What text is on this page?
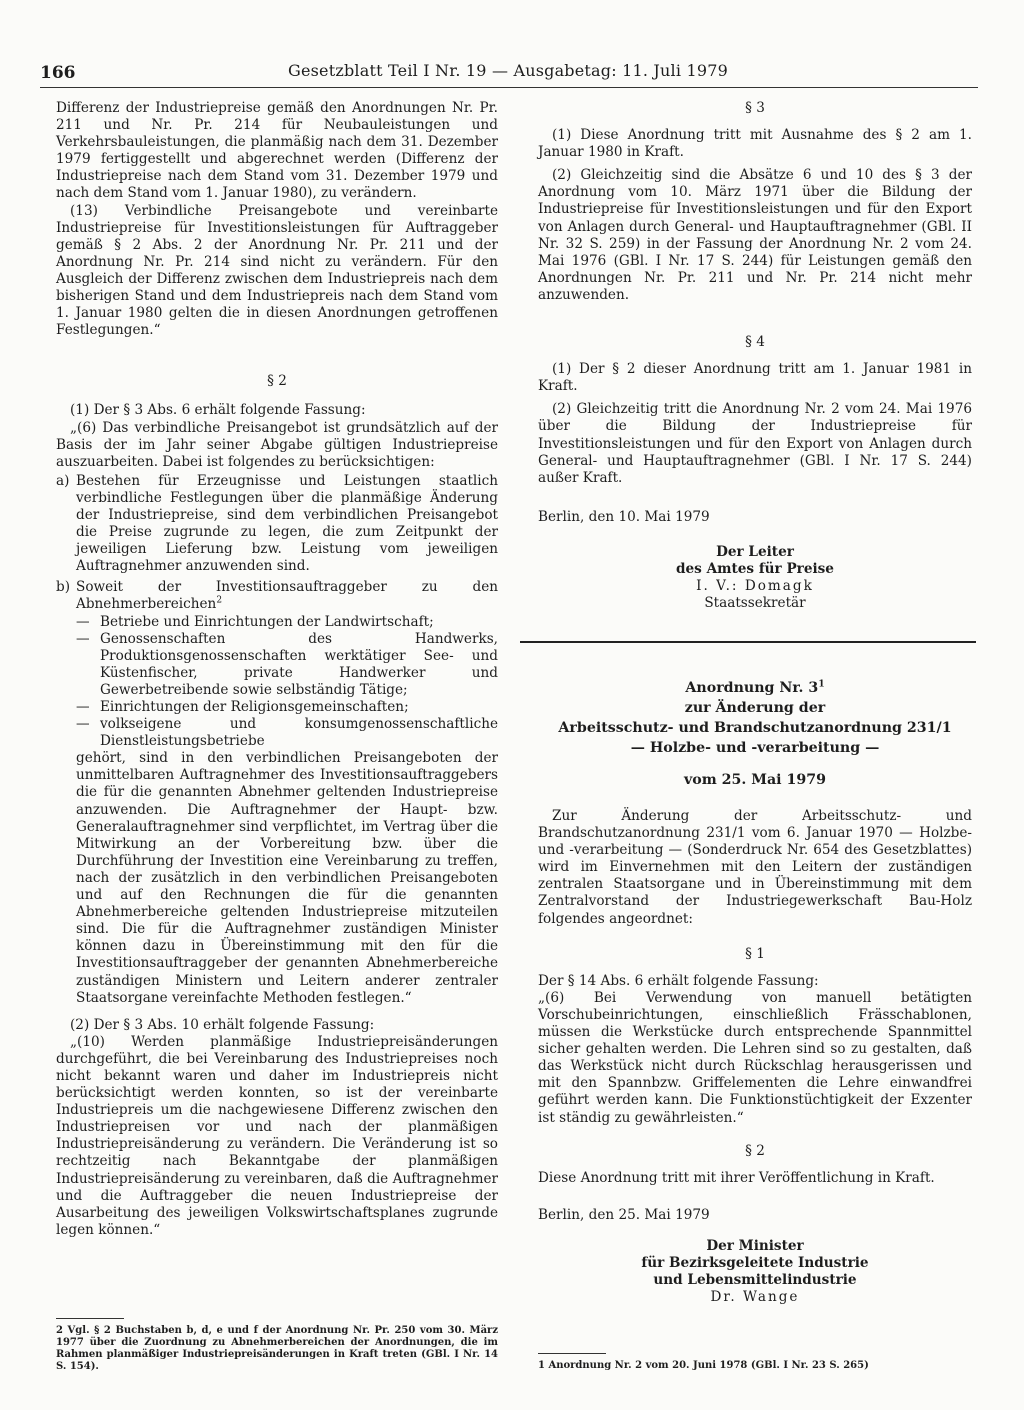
166	Gesetzblatt Teil I Nr. 19 — Ausgabetag: 11. Juli 1979

Differenz der Industriepreise gemäß den Anordnungen Nr. Pr. 211 und Nr. Pr. 214 für Neubauleistungen und Verkehrsbauleistungen, die planmäßig nach dem 31. Dezember 1979 fertiggestellt und abgerechnet werden (Differenz der Industriepreise nach dem Stand vom 31. Dezember 1979 und nach dem Stand vom 1. Januar 1980), zu verändern.

(13) Verbindliche Preisangebote und vereinbarte Industriepreise für Investitionsleistungen für Auftraggeber gemäß § 2 Abs. 2 der Anordnung Nr. Pr. 211 und der Anordnung Nr. Pr. 214 sind nicht zu verändern. Für den Ausgleich der Differenz zwischen dem Industriepreis nach dem bisherigen Stand und dem Industriepreis nach dem Stand vom 1. Januar 1980 gelten die in diesen Anordnungen getroffenen Festlegungen.“

§ 2

(1) Der § 3 Abs. 6 erhält folgende Fassung:

„(6) Das verbindliche Preisangebot ist grundsätzlich auf der Basis der im Jahr seiner Abgabe gültigen Industriepreise auszuarbeiten. Dabei ist folgendes zu berücksichtigen:

a) Bestehen für Erzeugnisse und Leistungen staatlich verbindliche Festlegungen über die planmäßige Änderung der Industriepreise, sind dem verbindlichen Preisangebot die Preise zugrunde zu legen, die zum Zeitpunkt der jeweiligen Lieferung bzw. Leistung vom jeweiligen Auftragnehmer anzuwenden sind.
b) Soweit der Investitionsauftraggeber zu den Abnehmerbereichen$^2$
— Betriebe und Einrichtungen der Landwirtschaft;
— Genossenschaften des Handwerks, Produktionsgenossenschaften werktätiger See- und Küstenfischer, private Handwerker und Gewerbetreibende sowie selbständig Tätige;
— Einrichtungen der Religionsgemeinschaften;
— volkseigene und konsumgenossenschaftliche Dienstleistungsbetriebe

gehört, sind in den verbindlichen Preisangeboten der unmittelbaren Auftragnehmer des Investitionsauftraggebers die für die genannten Abnehmer geltenden Industriepreise anzuwenden. Die Auftragnehmer der Haupt- bzw. Generalauftragnehmer sind verpflichtet, im Vertrag über die Mitwirkung an der Vorbereitung bzw. über die Durchführung der Investition eine Vereinbarung zu treffen, nach der zusätzlich in den verbindlichen Preisangeboten und auf den Rechnungen die für die genannten Abnehmerbereiche geltenden Industriepreise mitzuteilen sind. Die für die Auftragnehmer zuständigen Minister können dazu in Übereinstimmung mit den für die Investitionsauftraggeber der genannten Abnehmerbereiche zuständigen Ministern und Leitern anderer zentraler Staatsorgane vereinfachte Methoden festlegen.“

(2) Der § 3 Abs. 10 erhält folgende Fassung:

„(10) Werden planmäßige Industriepreisänderungen durchgeführt, die bei Vereinbarung des Industriepreises noch nicht bekannt waren und daher im Industriepreis nicht berücksichtigt werden konnten, so ist der vereinbarte Industriepreis um die nachgewiesene Differenz zwischen den Industriepreisen vor und nach der planmäßigen Industriepreisänderung zu verändern. Die Veränderung ist so rechtzeitig nach Bekanntgabe der planmäßigen Industriepreisänderung zu vereinbaren, daß die Auftragnehmer und die Auftraggeber die neuen Industriepreise der Ausarbeitung des jeweiligen Volkswirtschaftsplanes zugrunde legen können.“

2 Vgl. § 2 Buchstaben b, d, e und f der Anordnung Nr. Pr. 250 vom 30. März 1977 über die Zuordnung zu Abnehmerbereichen der Anordnungen, die im Rahmen planmäßiger Industriepreisänderungen in Kraft treten (GBl. I Nr. 14 S. 154).

§ 3

(1) Diese Anordnung tritt mit Ausnahme des § 2 am 1. Januar 1980 in Kraft.

(2) Gleichzeitig sind die Absätze 6 und 10 des § 3 der Anordnung vom 10. März 1971 über die Bildung der Industriepreise für Investitionsleistungen und für den Export von Anlagen durch General- und Hauptauftragnehmer (GBl. II Nr. 32 S. 259) in der Fassung der Anordnung Nr. 2 vom 24. Mai 1976 (GBl. I Nr. 17 S. 244) für Leistungen gemäß den Anordnungen Nr. Pr. 211 und Nr. Pr. 214 nicht mehr anzuwenden.

§ 4

(1) Der § 2 dieser Anordnung tritt am 1. Januar 1981 in Kraft.

(2) Gleichzeitig tritt die Anordnung Nr. 2 vom 24. Mai 1976 über die Bildung der Industriepreise für Investitionsleistungen und für den Export von Anlagen durch General- und Hauptauftragnehmer (GBl. I Nr. 17 S. 244) außer Kraft.

Berlin, den 10. Mai 1979

Der Leiter

des Amtes für Preise

I. V.: Domagk

Staatssekretär

Anordnung Nr. $3^1$

zur Änderung der

Arbeitsschutz- und Brandschutzanordnung 231/1

— Holzbe- und -verarbeitung —

vom 25. Mai 1979

Zur Änderung der Arbeitsschutz- und Brandschutzanordnung 231/1 vom 6. Januar 1970 — Holzbe- und -verarbeitung — (Sonderdruck Nr. 654 des Gesetzblattes) wird im Einvernehmen mit den Leitern der zuständigen zentralen Staatsorgane und in Übereinstimmung mit dem Zentralvorstand der Industriegewerkschaft Bau-Holz folgendes angeordnet:

§ 1

Der § 14 Abs. 6 erhält folgende Fassung:

„(6) Bei Verwendung von manuell betätigten Vorschubeinrichtungen, einschließlich Frässchablonen, müssen die Werkstücke durch entsprechende Spannmittel sicher gehalten werden. Die Lehren sind so zu gestalten, daß das Werkstück nicht durch Rückschlag herausgerissen und mit den Spannbzw. Griffelementen die Lehre einwandfrei geführt werden kann. Die Funktionstüchtigkeit der Exzenter ist ständig zu gewährleisten.“

§ 2

Diese Anordnung tritt mit ihrer Veröffentlichung in Kraft.

Berlin, den 25. Mai 1979

Der Minister

für Bezirksgeleitete Industrie

und Lebensmittelindustrie

Dr. Wange

1 Anordnung Nr. 2 vom 20. Juni 1978 (GBl. I Nr. 23 S. 265)
